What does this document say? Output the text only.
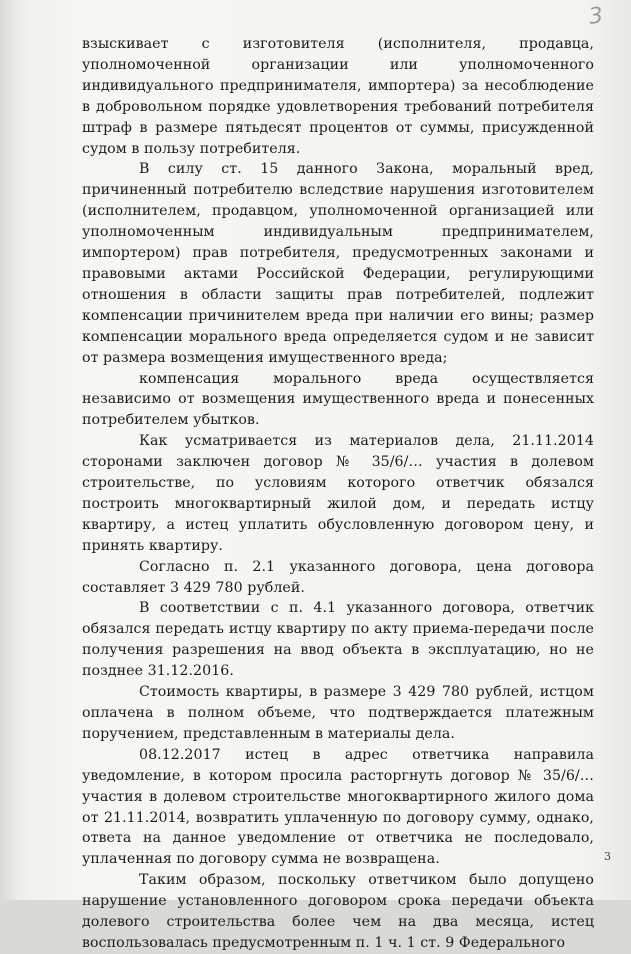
3

взыскивает с изготовителя (исполнителя, продавца, уполномоченной организации или уполномоченного индивидуального предпринимателя, импортера) за несоблюдение в добровольном порядке удовлетворения требований потребителя штраф в размере пятьдесят процентов от суммы, присужденной судом в пользу потребителя.

В силу ст. 15 данного Закона, моральный вред, причиненный потребителю вследствие нарушения изготовителем (исполнителем, продавцом, уполномоченной организацией или уполномоченным индивидуальным предпринимателем, импортером) прав потребителя, предусмотренных законами и правовыми актами Российской Федерации, регулирующими отношения в области защиты прав потребителей, подлежит компенсации причинителем вреда при наличии его вины; размер компенсации морального вреда определяется судом и не зависит от размера возмещения имущественного вреда;

компенсация морального вреда осуществляется независимо от возмещения имущественного вреда и понесенных потребителем убытков.

Как усматривается из материалов дела, 21.11.2014 сторонами заключен договор № 35/6/… участия в долевом строительстве, по условиям которого ответчик обязался построить многоквартирный жилой дом, и передать истцу квартиру, а истец уплатить обусловленную договором цену, и принять квартиру.

Согласно п. 2.1 указанного договора, цена договора составляет 3 429 780 рублей.

В соответствии с п. 4.1 указанного договора, ответчик обязался передать истцу квартиру по акту приема-передачи после получения разрешения на ввод объекта в эксплуатацию, но не позднее 31.12.2016.

Стоимость квартиры, в размере 3 429 780 рублей, истцом оплачена в полном объеме, что подтверждается платежным поручением, представленным в материалы дела.

08.12.2017 истец в адрес ответчика направила уведомление, в котором просила расторгнуть договор № 35/6/… участия в долевом строительстве многоквартирного жилого дома от 21.11.2014, возвратить уплаченную по договору сумму, однако, ответа на данное уведомление от ответчика не последовало, уплаченная по договору сумма не возвращена.

Таким образом, поскольку ответчиком было допущено нарушение установленного договором срока передачи объекта долевого строительства более чем на два месяца, истец воспользовалась предусмотренным п. 1 ч. 1 ст. 9 Федерального

3
